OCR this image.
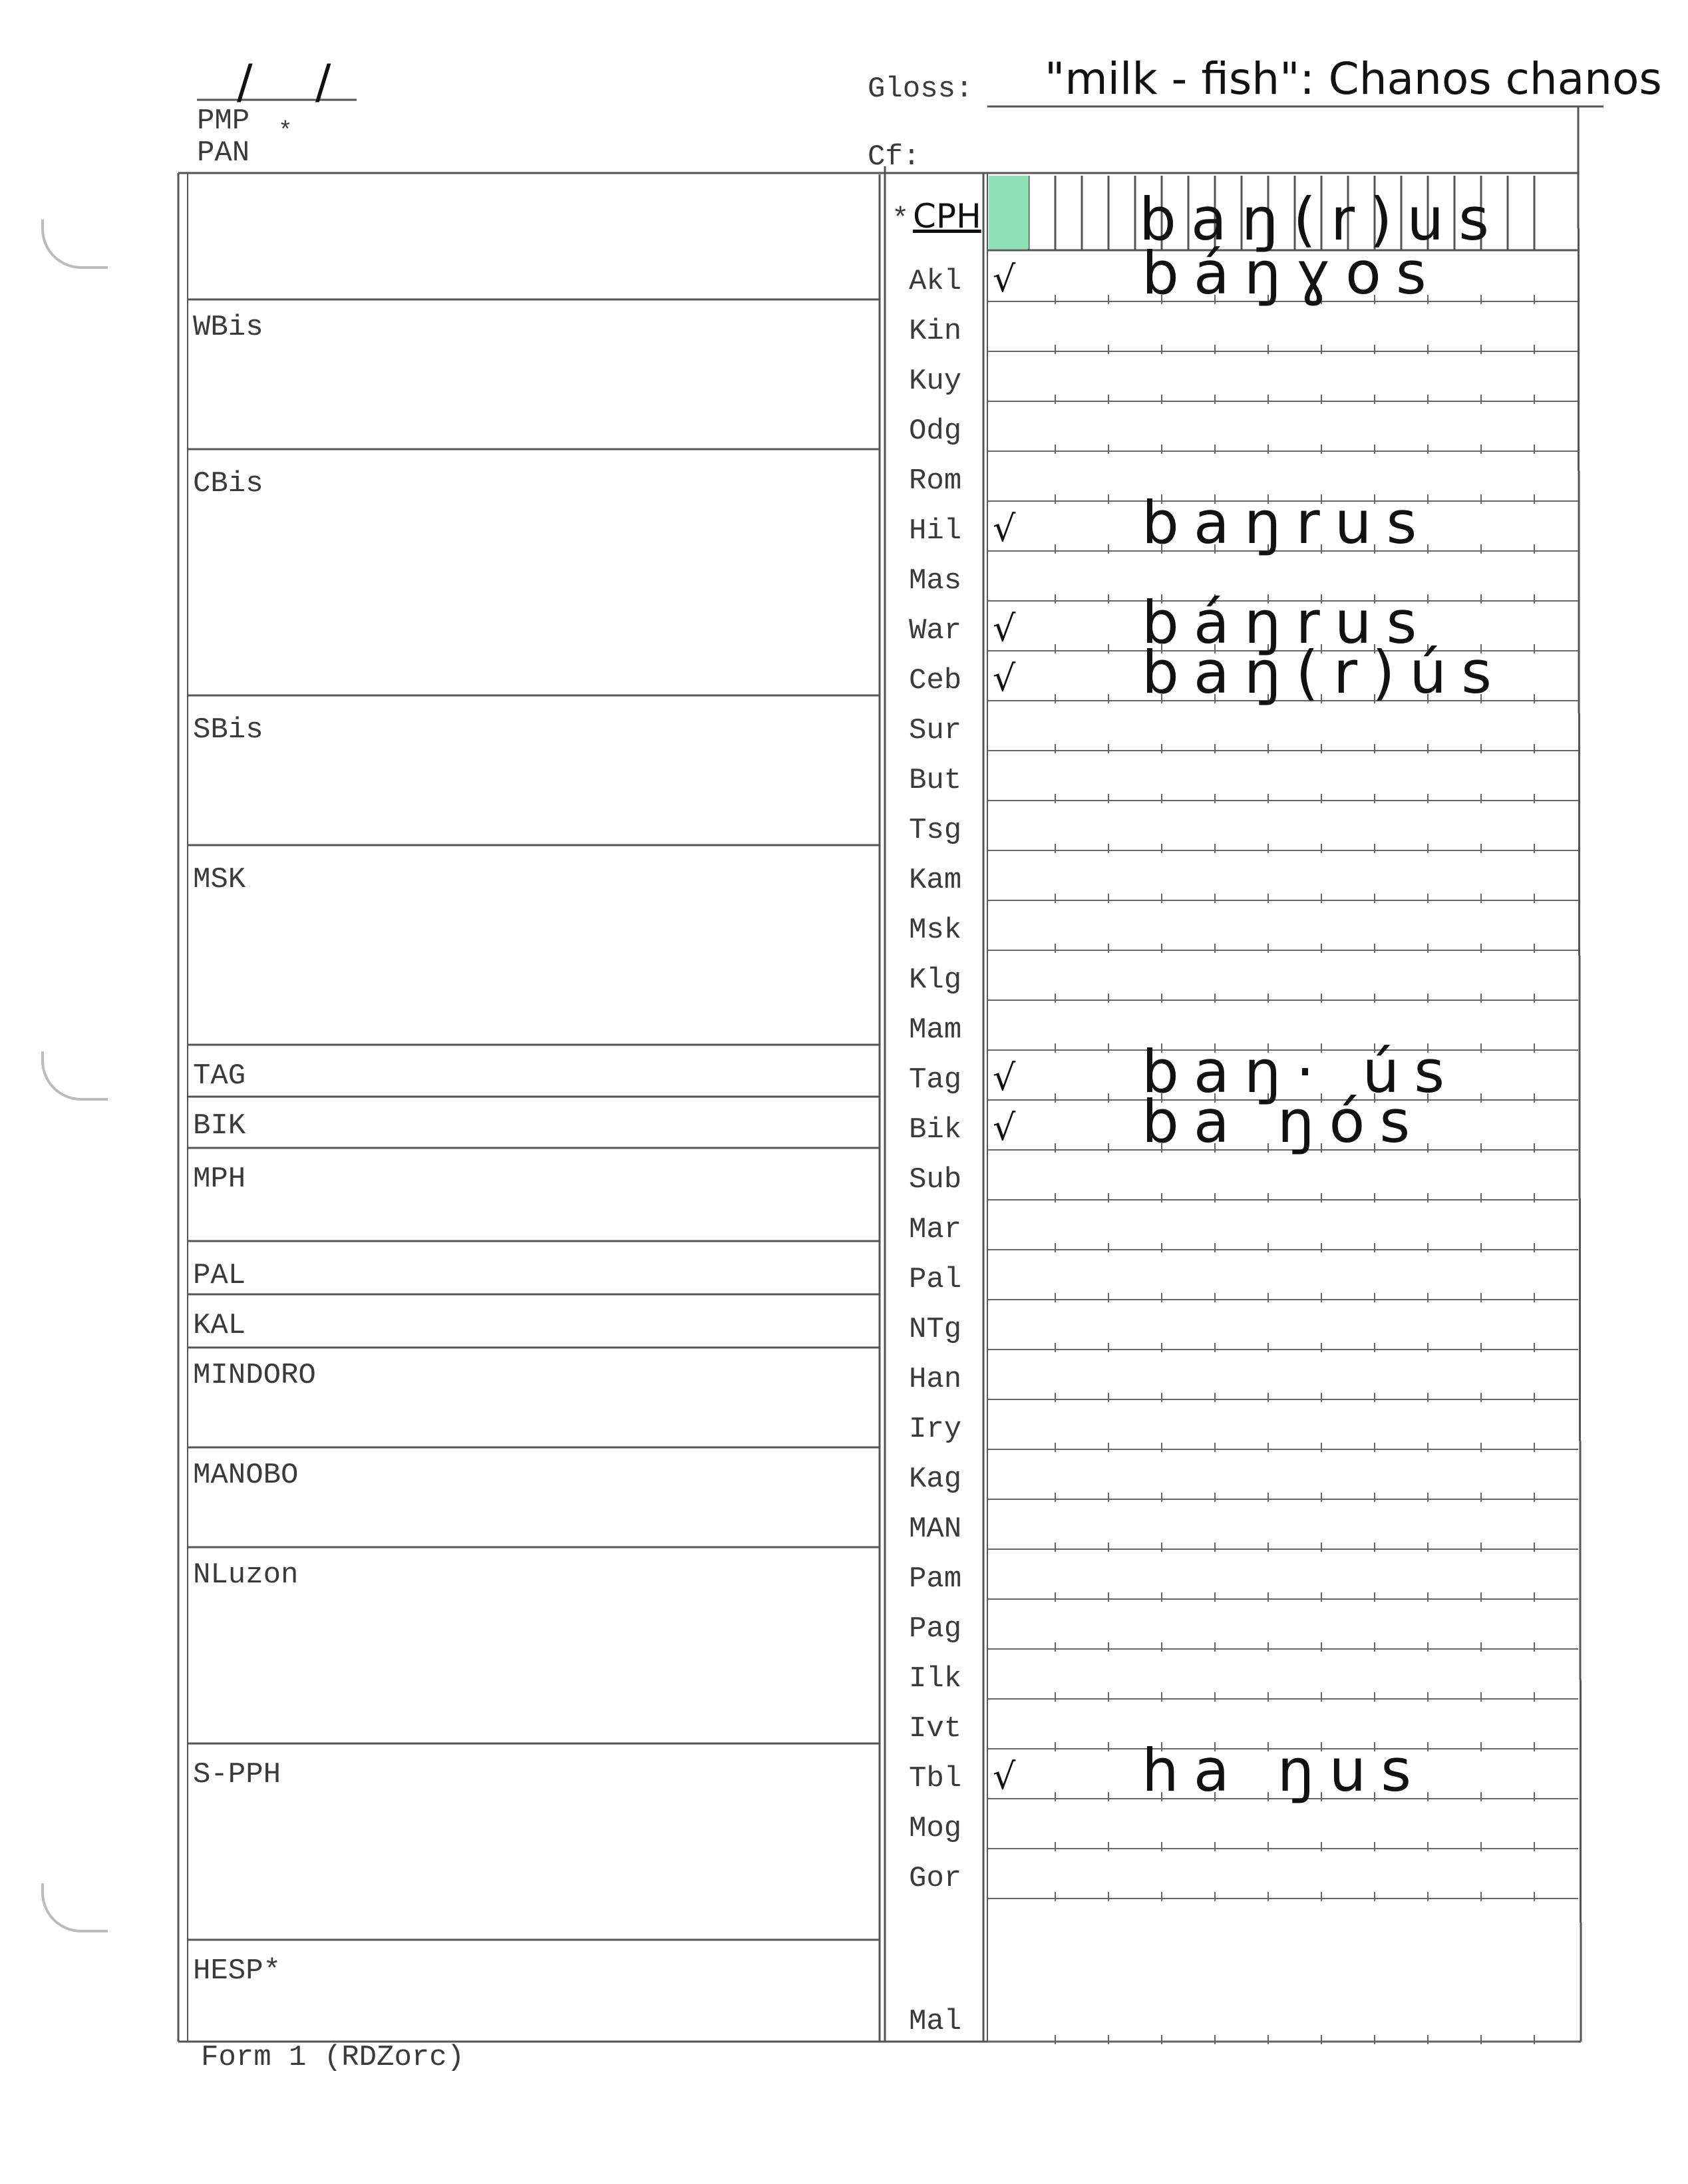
/ /
PMP *
PAN
Gloss: "milk - fish": Chanos chanos
Cf:
* CPH	baŋ(r)us
WBis
CBis
SBis
MSK
TAG
BIK
MPH
PAL
KAL
MINDORO
MANOBO
NLuzon
S-PPH
HESP*
Akl √ báŋɣos
Kin
Kuy
Odg
Rom
Hil √ baŋrus
Mas
War √ báŋrus
Ceb √ baŋ(r)ús
Sur
But
Tsg
Kam
Msk
Klg
Mam
Tag √ baŋ· ús
Bik √ ba ŋós
Sub
Mar
Pal
NTg
Han
Iry
Kag
MAN
Pam
Pag
Ilk
Ivt
Tbl √ ha ŋus
Mog
Gor
Mal
Form 1 (RDZorc)
